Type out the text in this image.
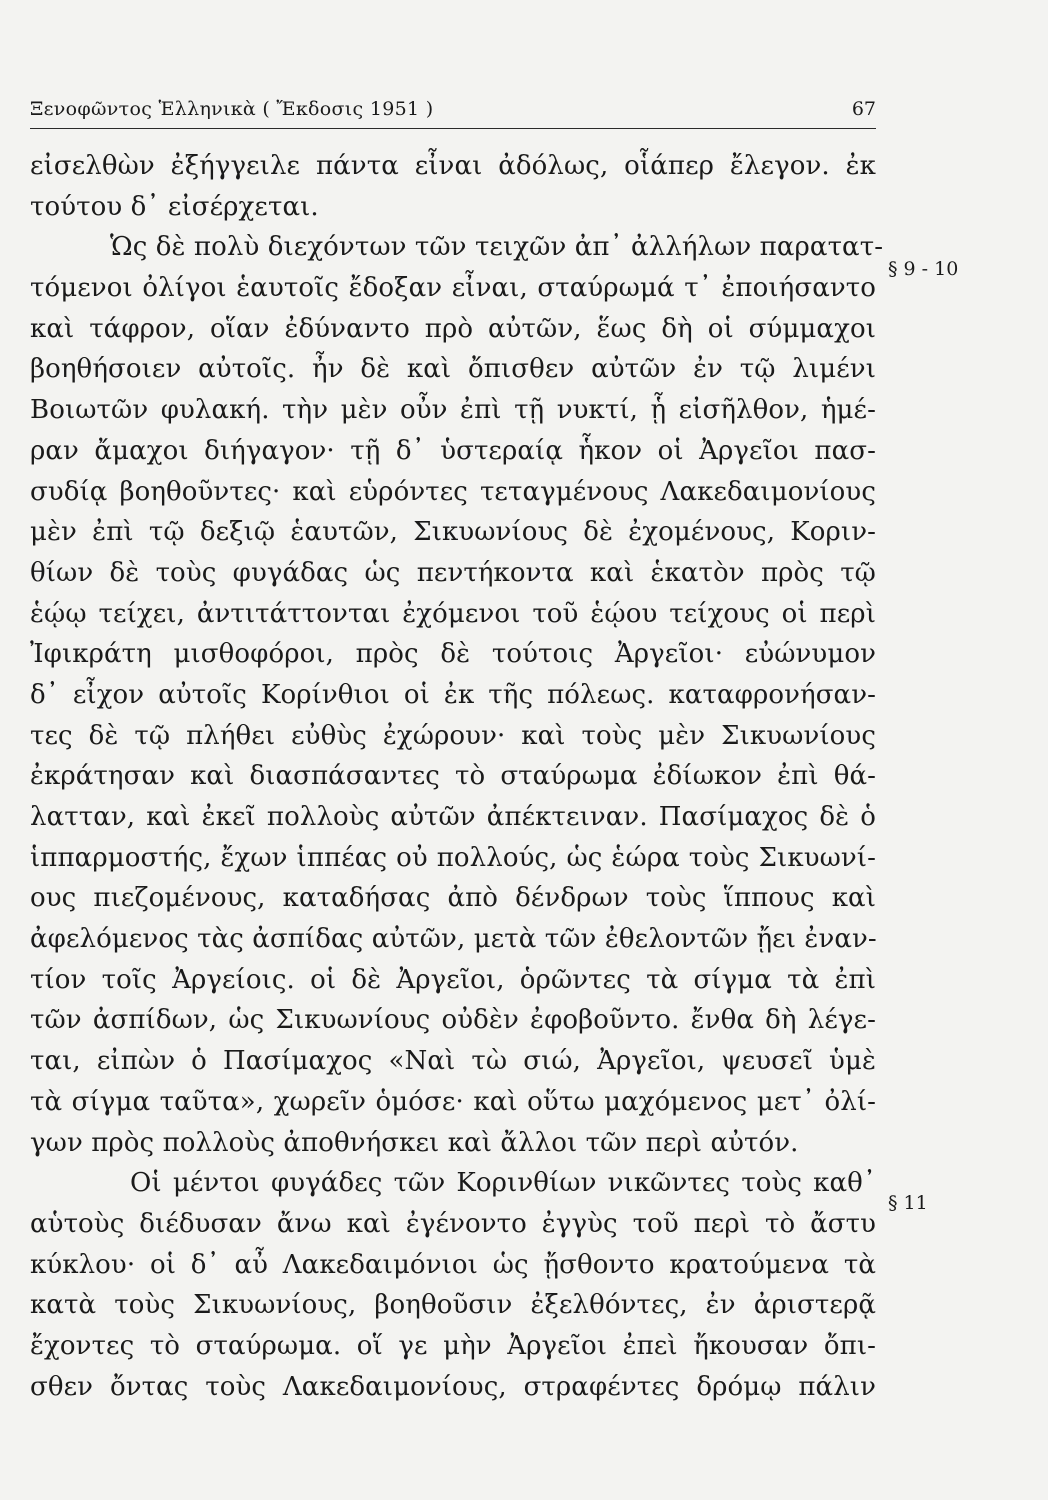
Ξενοφῶντος Ἑλληνικὰ ( Ἔκδοσις 1951 )	67
εἰσελθὼν ἐξήγγειλε πάντα εἶναι ἀδόλως, οἷάπερ ἔλεγον. ἐκ
τούτου δ᾽ εἰσέρχεται.
Ὡς δὲ πολὺ διεχόντων τῶν τειχῶν ἀπ᾽ ἀλλήλων παρατατ-
τόμενοι ὀλίγοι ἑαυτοῖς ἔδοξαν εἶναι, σταύρωμά τ᾽ ἐποιήσαντο
καὶ τάφρον, οἵαν ἐδύναντο πρὸ αὐτῶν, ἕως δὴ οἱ σύμμαχοι
βοηθήσοιεν αὐτοῖς. ἦν δὲ καὶ ὄπισθεν αὐτῶν ἐν τῷ λιμένι
Βοιωτῶν φυλακή. τὴν μὲν οὖν ἐπὶ τῇ νυκτί, ᾗ εἰσῆλθον, ἡμέ-
ραν ἄμαχοι διήγαγον· τῇ δ᾽ ὑστεραίᾳ ἧκον οἱ Ἀργεῖοι πασ-
συδίᾳ βοηθοῦντες· καὶ εὑρόντες τεταγμένους Λακεδαιμονίους
μὲν ἐπὶ τῷ δεξιῷ ἑαυτῶν, Σικυωνίους δὲ ἐχομένους, Κοριν-
θίων δὲ τοὺς φυγάδας ὡς πεντήκοντα καὶ ἑκατὸν πρὸς τῷ
ἑῴῳ τείχει, ἀντιτάττονται ἐχόμενοι τοῦ ἑῴου τείχους οἱ περὶ
Ἰφικράτη μισθοφόροι, πρὸς δὲ τούτοις Ἀργεῖοι· εὐώνυμον
δ᾽ εἶχον αὐτοῖς Κορίνθιοι οἱ ἐκ τῆς πόλεως. καταφρονήσαν-
τες δὲ τῷ πλήθει εὐθὺς ἐχώρουν· καὶ τοὺς μὲν Σικυωνίους
ἐκράτησαν καὶ διασπάσαντες τὸ σταύρωμα ἐδίωκον ἐπὶ θά-
λατταν, καὶ ἐκεῖ πολλοὺς αὐτῶν ἀπέκτειναν. Πασίμαχος δὲ ὁ
ἱππαρμοστής, ἔχων ἱππέας οὐ πολλούς, ὡς ἑώρα τοὺς Σικυωνί-
ους πιεζομένους, καταδήσας ἀπὸ δένδρων τοὺς ἵππους καὶ
ἀφελόμενος τὰς ἀσπίδας αὐτῶν, μετὰ τῶν ἐθελοντῶν ᾔει ἐναν-
τίον τοῖς Ἀργείοις. οἱ δὲ Ἀργεῖοι, ὁρῶντες τὰ σίγμα τὰ ἐπὶ
τῶν ἀσπίδων, ὡς Σικυωνίους οὐδὲν ἐφοβοῦντο. ἔνθα δὴ λέγε-
ται, εἰπὼν ὁ Πασίμαχος «Ναὶ τὼ σιώ, Ἀργεῖοι, ψευσεῖ ὑμὲ
τὰ σίγμα ταῦτα», χωρεῖν ὁμόσε· καὶ οὕτω μαχόμενος μετ᾽ ὀλί-
γων πρὸς πολλοὺς ἀποθνήσκει καὶ ἄλλοι τῶν περὶ αὐτόν.
Οἱ μέντοι φυγάδες τῶν Κορινθίων νικῶντες τοὺς καθ᾽
αὑτοὺς διέδυσαν ἄνω καὶ ἐγένοντο ἐγγὺς τοῦ περὶ τὸ ἄστυ
κύκλου· οἱ δ᾽ αὖ Λακεδαιμόνιοι ὡς ᾔσθοντο κρατούμενα τὰ
κατὰ τοὺς Σικυωνίους, βοηθοῦσιν ἐξελθόντες, ἐν ἀριστερᾷ
ἔχοντες τὸ σταύρωμα. οἵ γε μὴν Ἀργεῖοι ἐπεὶ ἤκουσαν ὄπι-
σθεν ὄντας τοὺς Λακεδαιμονίους, στραφέντες δρόμῳ πάλιν
§ 9 - 10
§ 11
